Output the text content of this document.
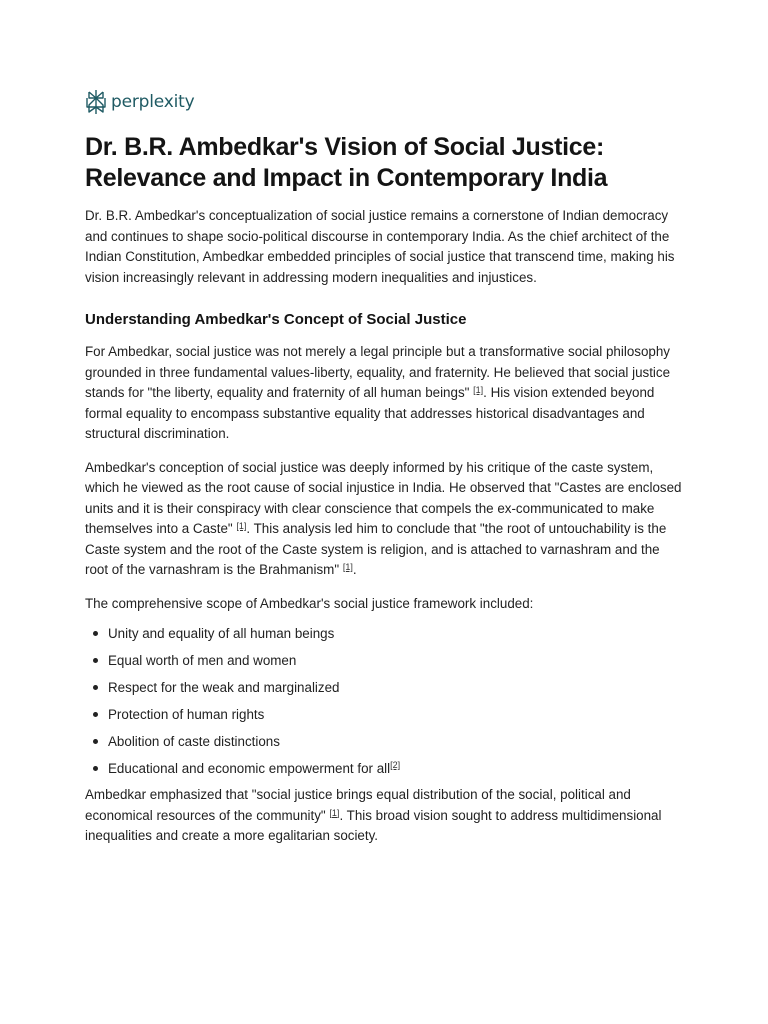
perplexity
Dr. B.R. Ambedkar's Vision of Social Justice:
Relevance and Impact in Contemporary India

Dr. B.R. Ambedkar's conceptualization of social justice remains a cornerstone of Indian democracy and continues to shape socio-political discourse in contemporary India. As the chief architect of the Indian Constitution, Ambedkar embedded principles of social justice that transcend time, making his vision increasingly relevant in addressing modern inequalities and injustices.

Understanding Ambedkar's Concept of Social Justice

For Ambedkar, social justice was not merely a legal principle but a transformative social philosophy grounded in three fundamental values-liberty, equality, and fraternity. He believed that social justice stands for "the liberty, equality and fraternity of all human beings" [1]. His vision extended beyond formal equality to encompass substantive equality that addresses historical disadvantages and structural discrimination.

Ambedkar's conception of social justice was deeply informed by his critique of the caste system, which he viewed as the root cause of social injustice in India. He observed that "Castes are enclosed units and it is their conspiracy with clear conscience that compels the ex-communicated to make themselves into a Caste" [1]. This analysis led him to conclude that "the root of untouchability is the Caste system and the root of the Caste system is religion, and is attached to varnashram and the root of the varnashram is the Brahmanism" [1].

The comprehensive scope of Ambedkar's social justice framework included:

Unity and equality of all human beings
Equal worth of men and women
Respect for the weak and marginalized
Protection of human rights
Abolition of caste distinctions
Educational and economic empowerment for all[2]

Ambedkar emphasized that "social justice brings equal distribution of the social, political and economical resources of the community" [1]. This broad vision sought to address multidimensional inequalities and create a more egalitarian society.
